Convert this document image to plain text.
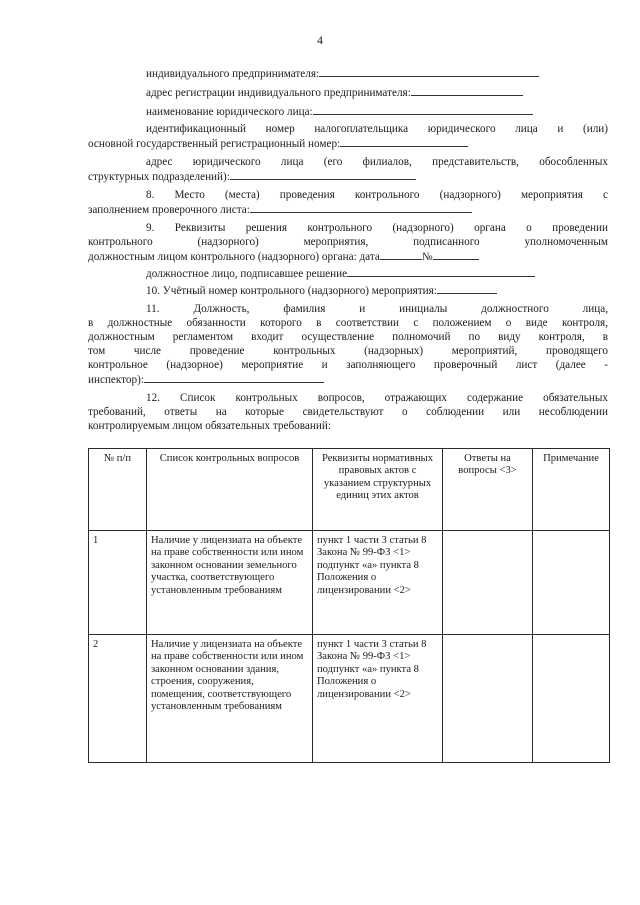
4
индивидуального предпринимателя:
адрес регистрации индивидуального предпринимателя:
наименование юридического лица:
идентификационный номер налогоплательщика юридического лица и (или)
основной государственный регистрационный номер:
адрес юридического лица (его филиалов, представительств, обособленных
структурных подразделений):
8. Место (места) проведения контрольного (надзорного) мероприятия с
заполнением проверочного листа:
9. Реквизиты решения контрольного (надзорного) органа о проведении
контрольного (надзорного) мероприятия, подписанного уполномоченным
должностным лицом контрольного (надзорного) органа: дата	№
должностное лицо, подписавшее решение
10. Учётный номер контрольного (надзорного) мероприятия:
11. Должность, фамилия и инициалы должностного лица,
в должностные обязанности которого в соответствии с положением о виде контроля,
должностным регламентом входит осуществление полномочий по виду контроля, в
том числе проведение контрольных (надзорных) мероприятий, проводящего
контрольное (надзорное) мероприятие и заполняющего проверочный лист (далее -
инспектор):
12. Список контрольных вопросов, отражающих содержание обязательных
требований, ответы на которые свидетельствуют о соблюдении или несоблюдении
контролируемым лицом обязательных требований:
№ п/п	Список контрольных вопросов	Реквизиты нормативных правовых актов с указанием структурных единиц этих актов	Ответы на вопросы <3>	Примечание

1	Наличие у лицензиата на объекте на праве собственности или ином законном основании земельного участка, соответствующего установленным требованиям	пункт 1 части 3 статьи 8 Закона № 99-ФЗ <1> подпункт «а» пункта 8 Положения о лицензировании <2>		
2	Наличие у лицензиата на объекте на праве собственности или ином законном основании здания, строения, сооружения, помещения, соответствующего установленным требованиям	пункт 1 части 3 статьи 8 Закона № 99-ФЗ <1> подпункт «а» пункта 8 Положения о лицензировании <2>		
